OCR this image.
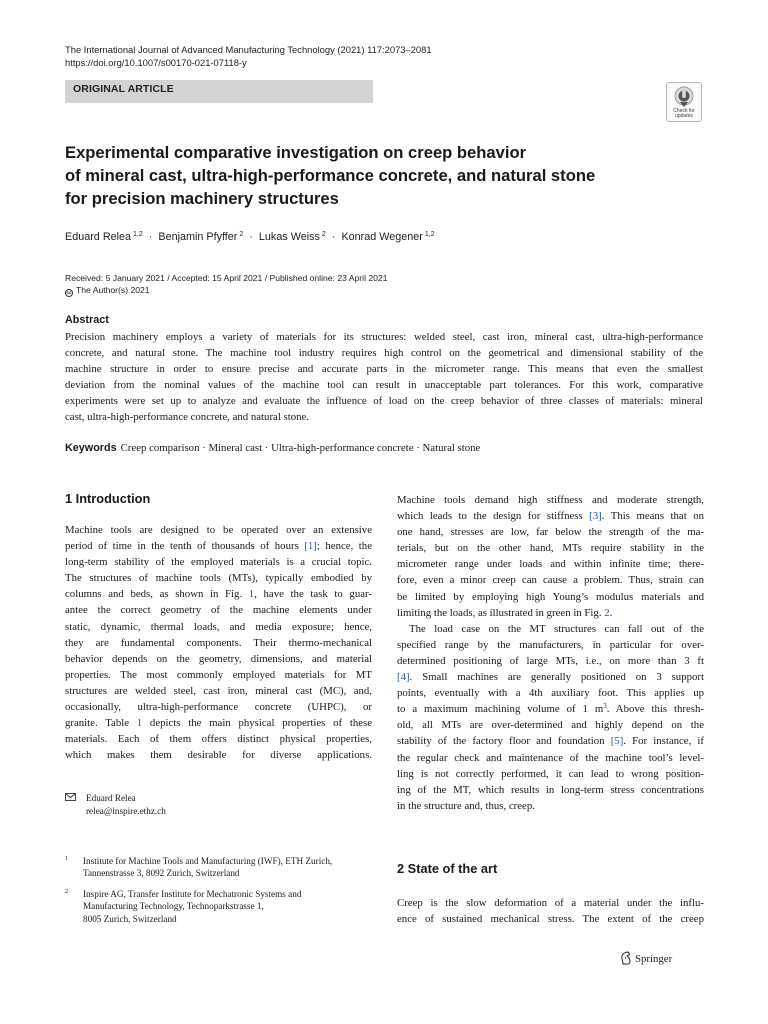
The International Journal of Advanced Manufacturing Technology (2021) 117:2073–2081
https://doi.org/10.1007/s00170-021-07118-y
ORIGINAL ARTICLE
Check for
updates
Experimental comparative investigation on creep behavior
of mineral cast, ultra-high-performance concrete, and natural stone
for precision machinery structures
Eduard Relea $^{1,2}$ · Benjamin Pfyffer $^2$ · Lukas Weiss $^2$ · Konrad Wegener $^{1,2}$
Received: 5 January 2021 / Accepted: 15 April 2021 / Published online: 23 April 2021
cc The Author(s) 2021
Abstract
Precision machinery employs a variety of materials for its structures: welded steel, cast iron, mineral cast, ultra-high-performance
concrete, and natural stone. The machine tool industry requires high control on the geometrical and dimensional stability of the
machine structure in order to ensure precise and accurate parts in the micrometer range. This means that even the smallest
deviation from the nominal values of the machine tool can result in unacceptable part tolerances. For this work, comparative
experiments were set up to analyze and evaluate the influence of load on the creep behavior of three classes of materials: mineral
cast, ultra-high-performance concrete, and natural stone.
Keywords Creep comparison · Mineral cast · Ultra-high-performance concrete · Natural stone
1 Introduction
Machine tools are designed to be operated over an extensive
period of time in the tenth of thousands of hours [1]; hence, the
long-term stability of the employed materials is a crucial topic.
The structures of machine tools (MTs), typically embodied by
columns and beds, as shown in Fig. 1, have the task to guar-
antee the correct geometry of the machine elements under
static, dynamic, thermal loads, and media exposure; hence,
they are fundamental components. Their thermo-mechanical
behavior depends on the geometry, dimensions, and material
properties. The most commonly employed materials for MT
structures are welded steel, cast iron, mineral cast (MC), and,
occasionally, ultra-high-performance concrete (UHPC), or
granite. Table 1 depicts the main physical properties of these
materials. Each of them offers distinct physical properties,
which makes them desirable for diverse applications.
Machine tools demand high stiffness and moderate strength,
which leads to the design for stiffness [3]. This means that on
one hand, stresses are low, far below the strength of the ma-
terials, but on the other hand, MTs require stability in the
micrometer range under loads and within infinite time; there-
fore, even a minor creep can cause a problem. Thus, strain can
be limited by employing high Young’s modulus materials and
limiting the loads, as illustrated in green in Fig. 2.
The load case on the MT structures can fall out of the
specified range by the manufacturers, in particular for over-
determined positioning of large MTs, i.e., on more than 3 ft
[4]. Small machines are generally positioned on 3 support
points, eventually with a 4th auxiliary foot. This applies up
to a maximum machining volume of 1 $m^3$. Above this thresh-
old, all MTs are over-determined and highly depend on the
stability of the factory floor and foundation [5]. For instance, if
the regular check and maintenance of the machine tool’s level-
ling is not correctly performed, it can lead to wrong position-
ing of the MT, which results in long-term stress concentrations
in the structure and, thus, creep.
2 State of the art
Creep is the slow deformation of a material under the influ-
ence of sustained mechanical stress. The extent of the creep
Eduard Relea
relea@inspire.ethz.ch
1 Institute for Machine Tools and Manufacturing (IWF), ETH Zurich,
Tannenstrasse 3, 8092 Zurich, Switzerland
2 Inspire AG, Transfer Institute for Mechatronic Systems and
Manufacturing Technology, Technoparkstrasse 1,
8005 Zurich, Switzerland
Springer
